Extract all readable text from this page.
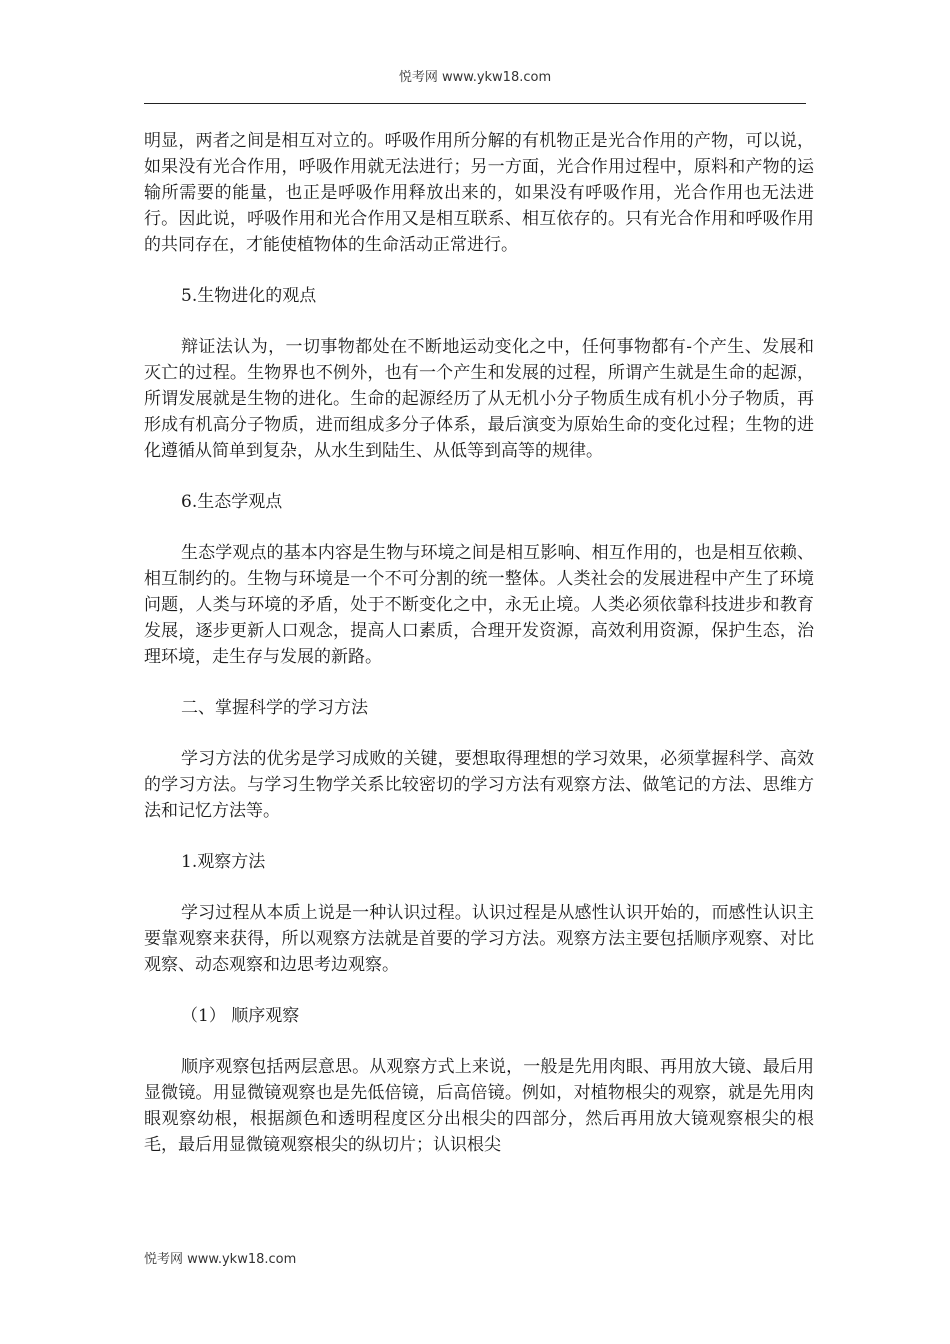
悦考网 www.ykw18.com

明显，两者之间是相互对立的。呼吸作用所分解的有机物正是光合作用的产物，可以说，如果没有光合作用，呼吸作用就无法进行；另一方面，光合作用过程中，原料和产物的运输所需要的能量，也正是呼吸作用释放出来的，如果没有呼吸作用，光合作用也无法进行。因此说，呼吸作用和光合作用又是相互联系、相互依存的。只有光合作用和呼吸作用的共同存在，才能使植物体的生命活动正常进行。

5.生物进化的观点

辩证法认为，一切事物都处在不断地运动变化之中，任何事物都有-个产生、发展和灭亡的过程。生物界也不例外，也有一个产生和发展的过程，所谓产生就是生命的起源，所谓发展就是生物的进化。生命的起源经历了从无机小分子物质生成有机小分子物质，再形成有机高分子物质，进而组成多分子体系，最后演变为原始生命的变化过程；生物的进化遵循从简单到复杂，从水生到陆生、从低等到高等的规律。

6.生态学观点

生态学观点的基本内容是生物与环境之间是相互影响、相互作用的，也是相互依赖、相互制约的。生物与环境是一个不可分割的统一整体。人类社会的发展进程中产生了环境问题，人类与环境的矛盾，处于不断变化之中，永无止境。人类必须依靠科技进步和教育发展，逐步更新人口观念，提高人口素质，合理开发资源，高效利用资源，保护生态，治理环境，走生存与发展的新路。

二、掌握科学的学习方法

学习方法的优劣是学习成败的关键，要想取得理想的学习效果，必须掌握科学、高效的学习方法。与学习生物学关系比较密切的学习方法有观察方法、做笔记的方法、思维方法和记忆方法等。

1.观察方法

学习过程从本质上说是一种认识过程。认识过程是从感性认识开始的，而感性认识主要靠观察来获得，所以观察方法就是首要的学习方法。观察方法主要包括顺序观察、对比观察、动态观察和边思考边观察。

（1） 顺序观察

顺序观察包括两层意思。从观察方式上来说，一般是先用肉眼、再用放大镜、最后用显微镜。用显微镜观察也是先低倍镜，后高倍镜。例如，对植物根尖的观察，就是先用肉眼观察幼根，根据颜色和透明程度区分出根尖的四部分，然后再用放大镜观察根尖的根毛，最后用显微镜观察根尖的纵切片；认识根尖

悦考网 www.ykw18.com
